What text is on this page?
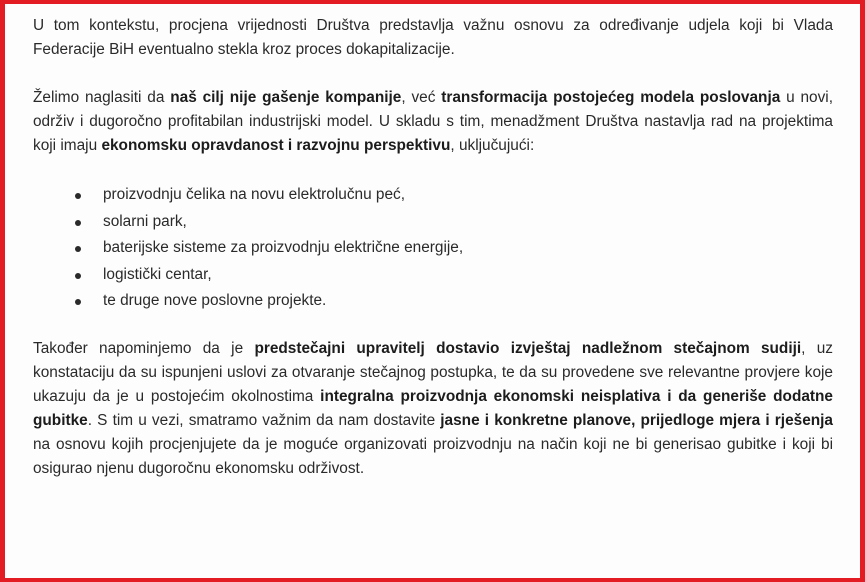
U tom kontekstu, procjena vrijednosti Društva predstavlja važnu osnovu za određivanje udjela koji bi Vlada Federacije BiH eventualno stekla kroz proces dokapitalizacije.

Želimo naglasiti da naš cilj nije gašenje kompanije, već transformacija postojećeg modela poslovanja u novi, održiv i dugoročno profitabilan industrijski model. U skladu s tim, menadžment Društva nastavlja rad na projektima koji imaju ekonomsku opravdanost i razvojnu perspektivu, uključujući:

proizvodnju čelika na novu elektrolučnu peć,
solarni park,
baterijske sisteme za proizvodnju električne energije,
logistički centar,
te druge nove poslovne projekte.

Također napominjemo da je predstečajni upravitelj dostavio izvještaj nadležnom stečajnom sudiji, uz konstataciju da su ispunjeni uslovi za otvaranje stečajnog postupka, te da su provedene sve relevantne provjere koje ukazuju da je u postojećim okolnostima integralna proizvodnja ekonomski neisplativa i da generiše dodatne gubitke. S tim u vezi, smatramo važnim da nam dostavite jasne i konkretne planove, prijedloge mjera i rješenja na osnovu kojih procjenjujete da je moguće organizovati proizvodnju na način koji ne bi generisao gubitke i koji bi osigurao njenu dugoročnu ekonomsku održivost.
